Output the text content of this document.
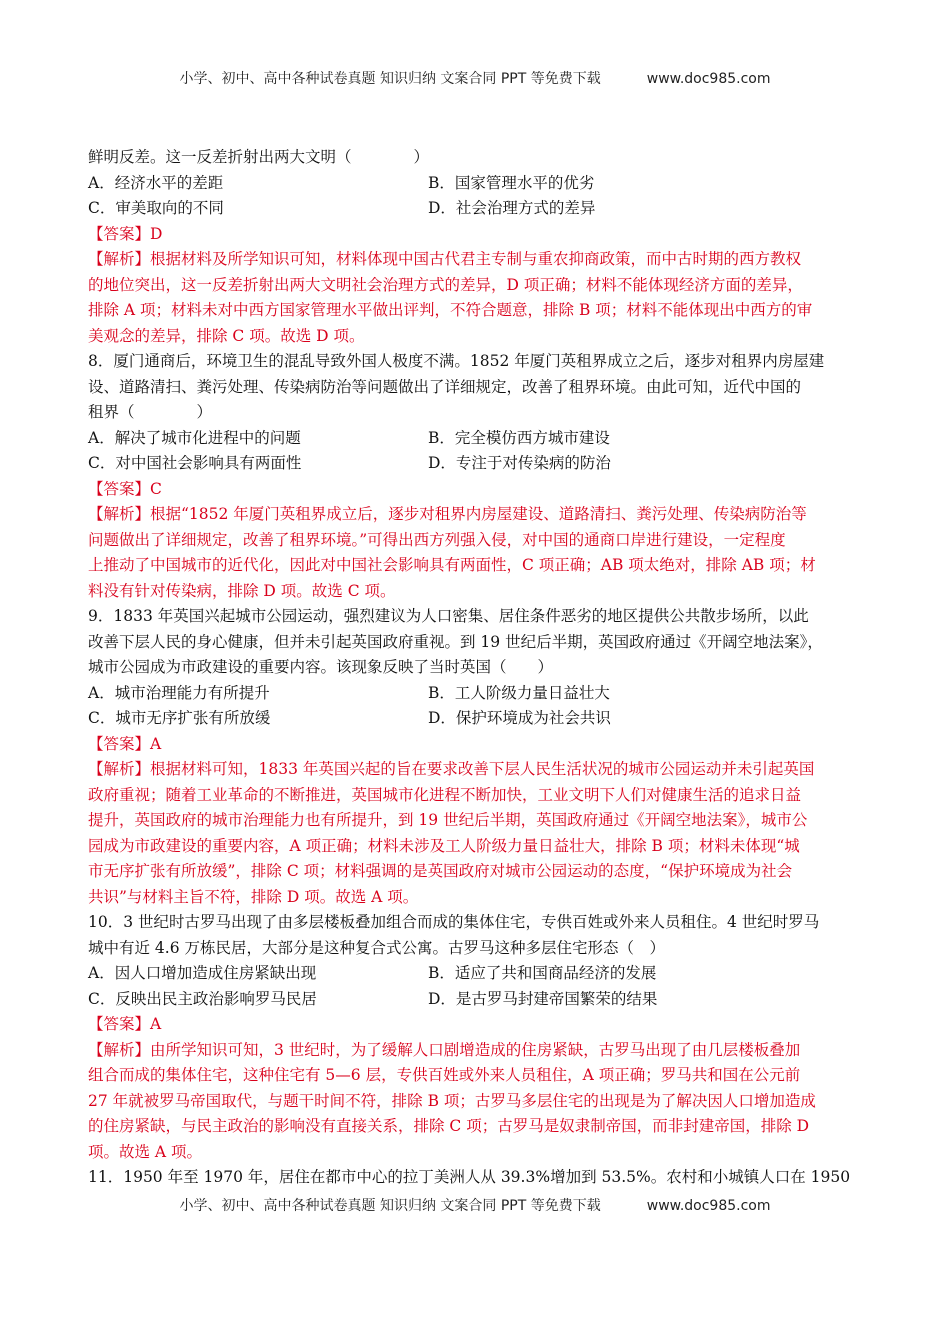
小学、初中、高中各种试卷真题 知识归纳 文案合同 PPT 等免费下载	www.doc985.com
鲜明反差。这一反差折射出两大文明（　　　　）
A．经济水平的差距	B．国家管理水平的优劣
C．审美取向的不同	D．社会治理方式的差异
【答案】D
【解析】根据材料及所学知识可知，材料体现中国古代君主专制与重农抑商政策，而中古时期的西方教权
的地位突出，这一反差折射出两大文明社会治理方式的差异，D 项正确；材料不能体现经济方面的差异，
排除 A 项；材料未对中西方国家管理水平做出评判，不符合题意，排除 B 项；材料不能体现出中西方的审
美观念的差异，排除 C 项。故选 D 项。
8．厦门通商后，环境卫生的混乱导致外国人极度不满。1852 年厦门英租界成立之后，逐步对租界内房屋建
设、道路清扫、粪污处理、传染病防治等问题做出了详细规定，改善了租界环境。由此可知，近代中国的
租界（　　　　）
A．解决了城市化进程中的问题	B．完全模仿西方城市建设
C．对中国社会影响具有两面性	D．专注于对传染病的防治
【答案】C
【解析】根据“1852 年厦门英租界成立后，逐步对租界内房屋建设、道路清扫、粪污处理、传染病防治等
问题做出了详细规定，改善了租界环境。”可得出西方列强入侵，对中国的通商口岸进行建设，一定程度
上推动了中国城市的近代化，因此对中国社会影响具有两面性，C 项正确；AB 项太绝对，排除 AB 项；材
料没有针对传染病，排除 D 项。故选 C 项。
9．1833 年英国兴起城市公园运动，强烈建议为人口密集、居住条件恶劣的地区提供公共散步场所，以此
改善下层人民的身心健康，但并未引起英国政府重视。到 19 世纪后半期，英国政府通过《开阔空地法案》，
城市公园成为市政建设的重要内容。该现象反映了当时英国（　　）
A．城市治理能力有所提升	B．工人阶级力量日益壮大
C．城市无序扩张有所放缓	D．保护环境成为社会共识
【答案】A
【解析】根据材料可知，1833 年英国兴起的旨在要求改善下层人民生活状况的城市公园运动并未引起英国
政府重视；随着工业革命的不断推进，英国城市化进程不断加快，工业文明下人们对健康生活的追求日益
提升，英国政府的城市治理能力也有所提升，到 19 世纪后半期，英国政府通过《开阔空地法案》，城市公
园成为市政建设的重要内容，A 项正确；材料未涉及工人阶级力量日益壮大，排除 B 项；材料未体现“城
市无序扩张有所放缓”，排除 C 项；材料强调的是英国政府对城市公园运动的态度，“保护环境成为社会
共识”与材料主旨不符，排除 D 项。故选 A 项。
10．3 世纪时古罗马出现了由多层楼板叠加组合而成的集体住宅，专供百姓或外来人员租住。4 世纪时罗马
城中有近 4.6 万栋民居，大部分是这种复合式公寓。古罗马这种多层住宅形态（　）
A．因人口增加造成住房紧缺出现	B．适应了共和国商品经济的发展
C．反映出民主政治影响罗马民居	D．是古罗马封建帝国繁荣的结果
【答案】A
【解析】由所学知识可知，3 世纪时，为了缓解人口剧增造成的住房紧缺，古罗马出现了由几层楼板叠加
组合而成的集体住宅，这种住宅有 5—6 层，专供百姓或外来人员租住，A 项正确；罗马共和国在公元前
27 年就被罗马帝国取代，与题干时间不符，排除 B 项；古罗马多层住宅的出现是为了解决因人口增加造成
的住房紧缺，与民主政治的影响没有直接关系，排除 C 项；古罗马是奴隶制帝国，而非封建帝国，排除 D
项。故选 A 项。
11．1950 年至 1970 年，居住在都市中心的拉丁美洲人从 39.3%增加到 53.5%。农村和小城镇人口在 1950
小学、初中、高中各种试卷真题 知识归纳 文案合同 PPT 等免费下载	www.doc985.com
